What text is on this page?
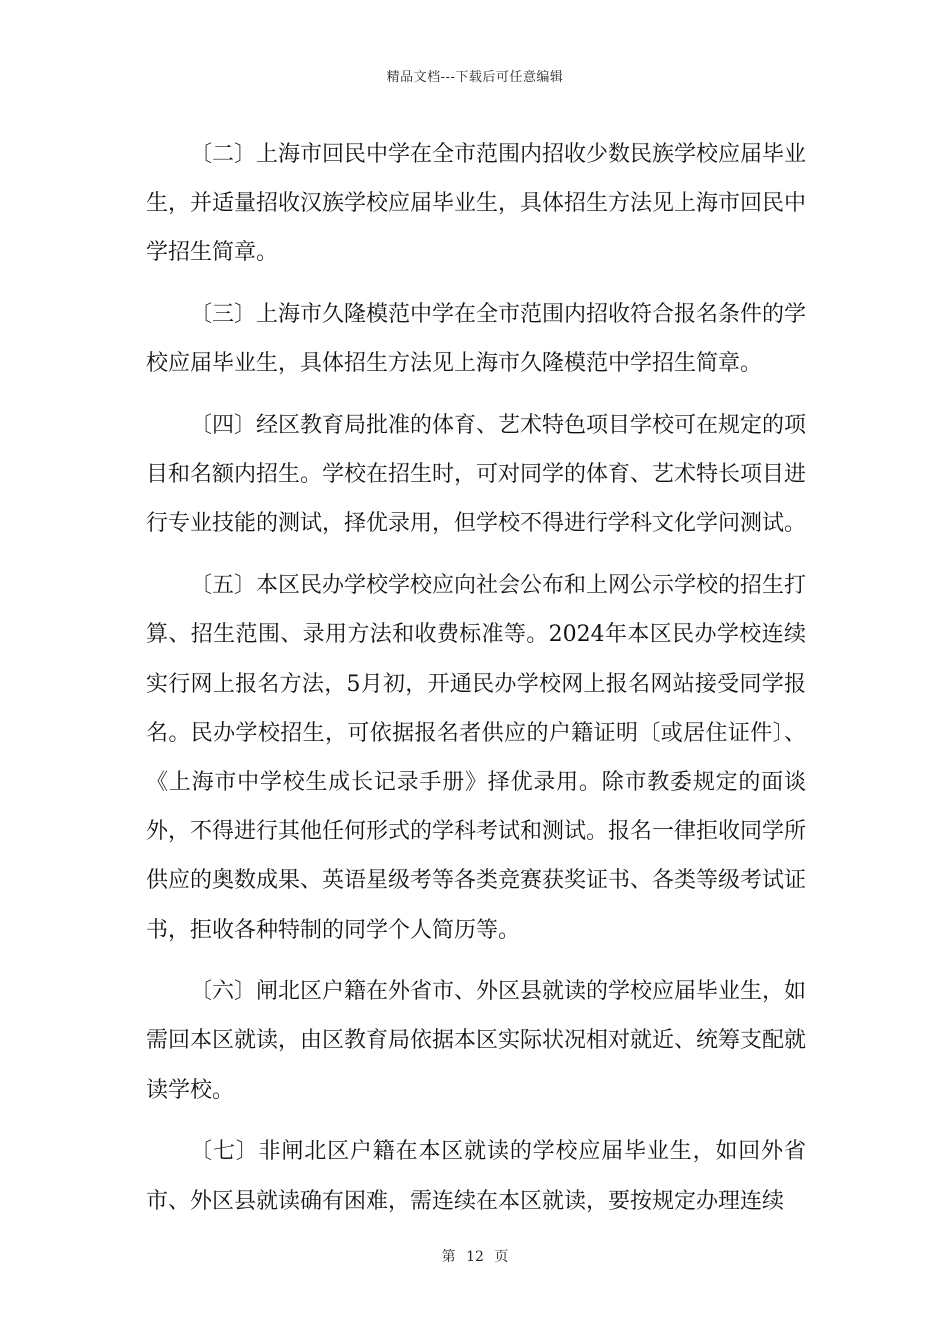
精品文档---下载后可任意编辑

〔二〕上海市回民中学在全市范围内招收少数民族学校应届毕业生，并适量招收汉族学校应届毕业生，具体招生方法见上海市回民中学招生简章。

〔三〕上海市久隆模范中学在全市范围内招收符合报名条件的学校应届毕业生，具体招生方法见上海市久隆模范中学招生简章。

〔四〕经区教育局批准的体育、艺术特色项目学校可在规定的项目和名额内招生。学校在招生时，可对同学的体育、艺术特长项目进行专业技能的测试，择优录用，但学校不得进行学科文化学问测试。

〔五〕本区民办学校学校应向社会公布和上网公示学校的招生打算、招生范围、录用方法和收费标准等。2024年本区民办学校连续实行网上报名方法，5月初，开通民办学校网上报名网站接受同学报名。民办学校招生，可依据报名者供应的户籍证明〔或居住证件〕、《上海市中学校生成长记录手册》择优录用。除市教委规定的面谈外，不得进行其他任何形式的学科考试和测试。报名一律拒收同学所供应的奥数成果、英语星级考等各类竞赛获奖证书、各类等级考试证书，拒收各种特制的同学个人简历等。

〔六〕闸北区户籍在外省市、外区县就读的学校应届毕业生，如需回本区就读，由区教育局依据本区实际状况相对就近、统筹支配就读学校。

〔七〕非闸北区户籍在本区就读的学校应届毕业生，如回外省市、外区县就读确有困难，需连续在本区就读，要按规定办理连续

第 12 页
